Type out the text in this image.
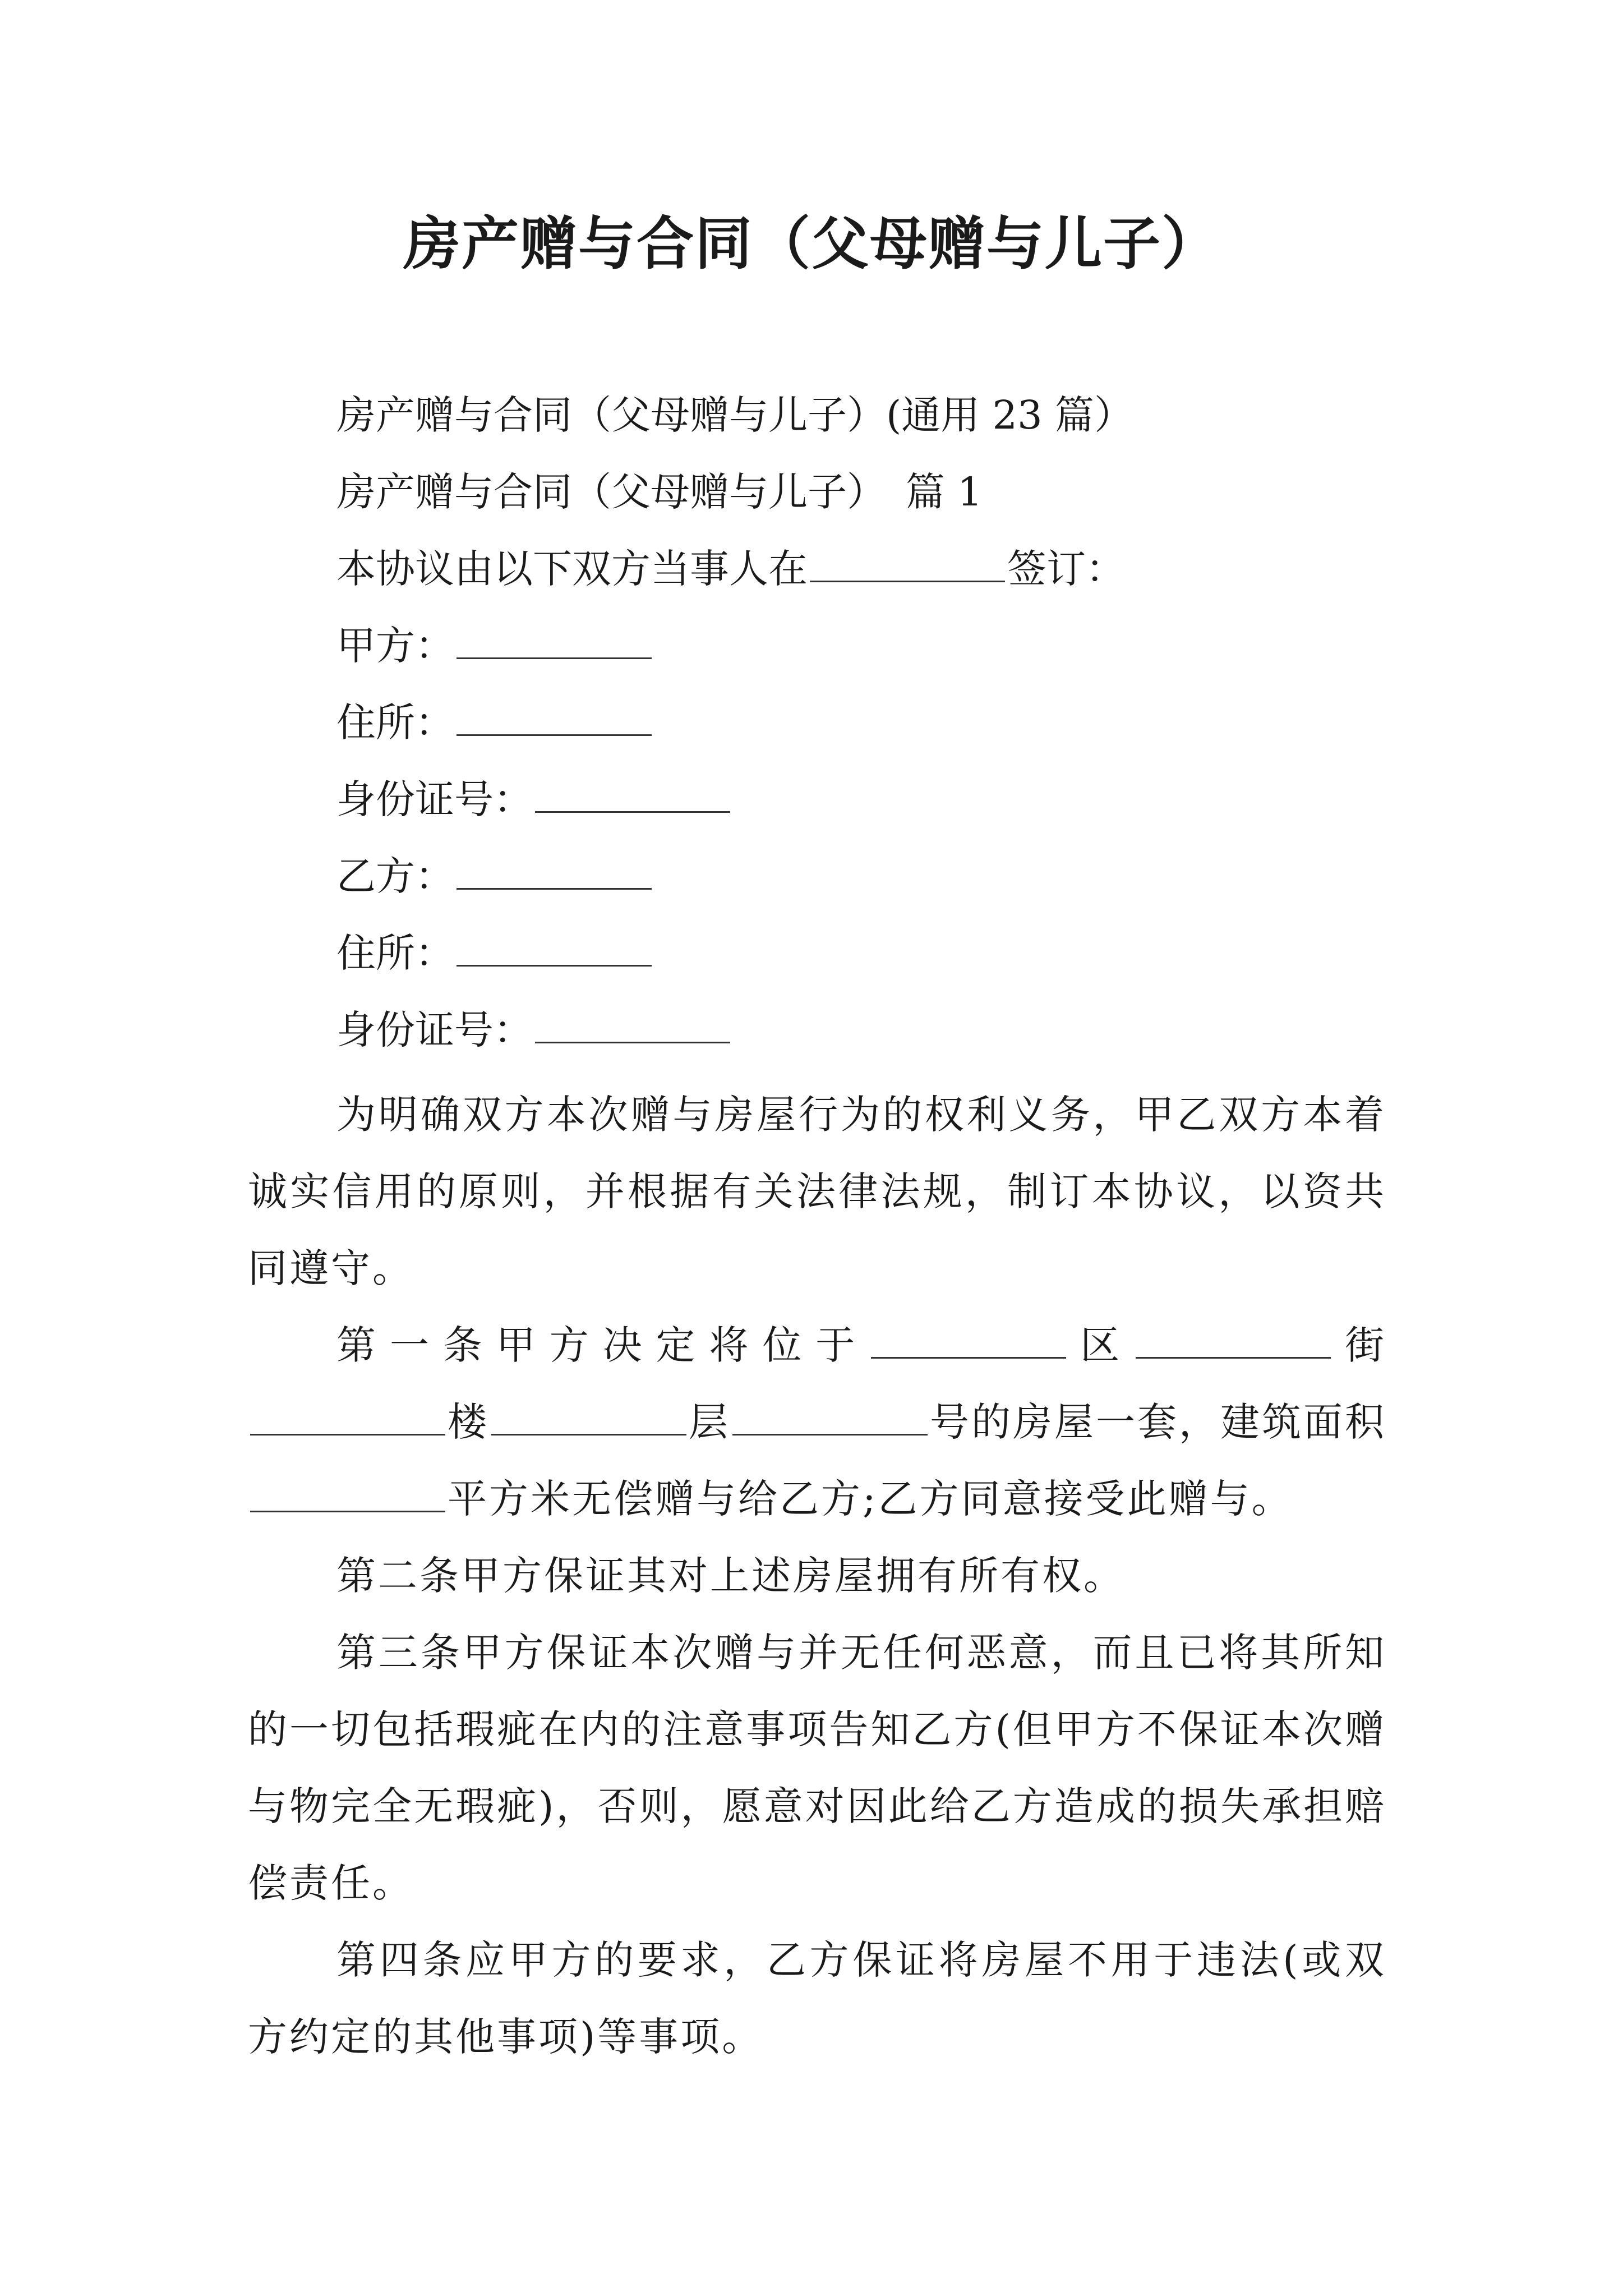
房产赠与合同（父母赠与儿子）
房产赠与合同（父母赠与儿子）(通用 23 篇）
房产赠与合同（父母赠与儿子）　篇 1
本协议由以下双方当事人在	签订：
甲方：
住所：
身份证号：
乙方：
住所：
身份证号：
为明确双方本次赠与房屋行为的权利义务，甲乙双方本着诚实信用的原则，并根据有关法律法规，制订本协议，以资共同遵守。
第一条甲方决定将位于	区	街楼	层	号的房屋一套，建筑面积平方米无偿赠与给乙方;乙方同意接受此赠与。
第二条甲方保证其对上述房屋拥有所有权。
第三条甲方保证本次赠与并无任何恶意，而且已将其所知的一切包括瑕疵在内的注意事项告知乙方(但甲方不保证本次赠与物完全无瑕疵)，否则，愿意对因此给乙方造成的损失承担赔偿责任。
第四条应甲方的要求，乙方保证将房屋不用于违法(或双方约定的其他事项)等事项。
